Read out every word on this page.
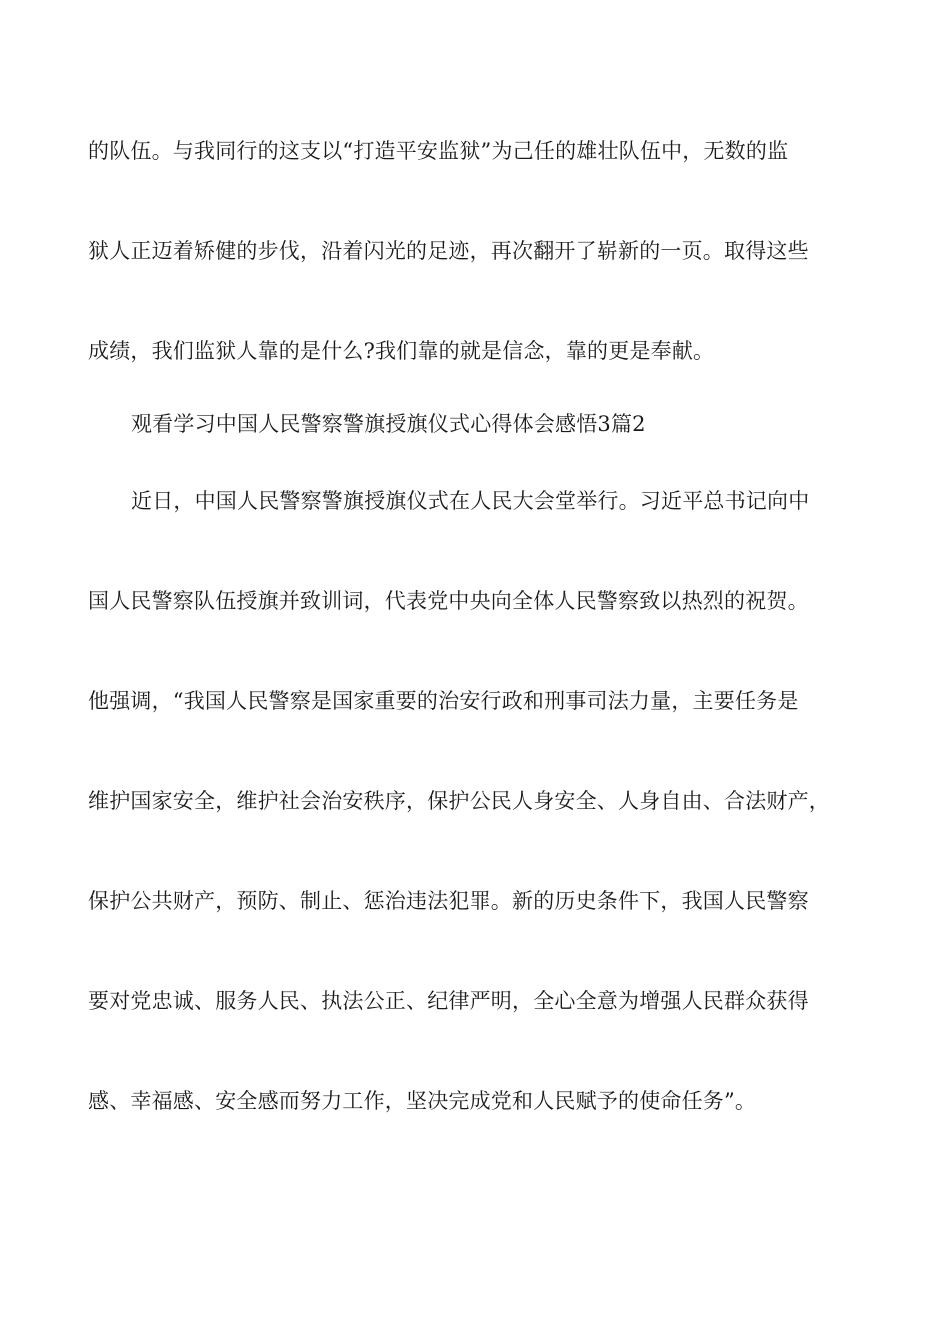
的队伍。与我同行的这支以“打造平安监狱”为己任的雄壮队伍中，无数的监
狱人正迈着矫健的步伐，沿着闪光的足迹，再次翻开了崭新的一页。取得这些
成绩，我们监狱人靠的是什么?我们靠的就是信念，靠的更是奉献。
观看学习中国人民警察警旗授旗仪式心得体会感悟3篇2
近日，中国人民警察警旗授旗仪式在人民大会堂举行。习近平总书记向中
国人民警察队伍授旗并致训词，代表党中央向全体人民警察致以热烈的祝贺。
他强调，“我国人民警察是国家重要的治安行政和刑事司法力量，主要任务是
维护国家安全，维护社会治安秩序，保护公民人身安全、人身自由、合法财产，
保护公共财产，预防、制止、惩治违法犯罪。新的历史条件下，我国人民警察
要对党忠诚、服务人民、执法公正、纪律严明，全心全意为增强人民群众获得
感、幸福感、安全感而努力工作，坚决完成党和人民赋予的使命任务”。
